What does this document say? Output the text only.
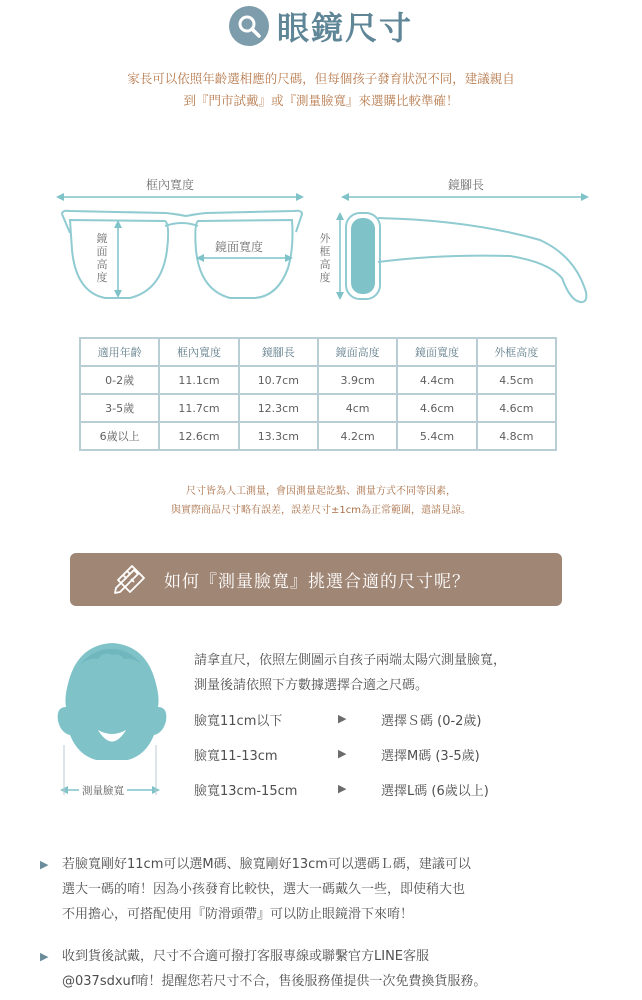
眼鏡尺寸
家長可以依照年齡選相應的尺碼，但每個孩子發育狀況不同，建議親自
到『門市試戴』或『測量臉寬』來選購比較準確！
框內寬度	鏡腳長
鏡面高度
鏡面寬度
外框高度
適用年齡	框內寬度	鏡腳長	鏡面高度	鏡面寬度	外框高度
0-2歲	11.1cm	10.7cm	3.9cm	4.4cm	4.5cm
3-5歲	11.7cm	12.3cm	4cm	4.6cm	4.6cm
6歲以上	12.6cm	13.3cm	4.2cm	5.4cm	4.8cm
尺寸皆為人工測量，會因測量起訖點、測量方式不同等因素，
與實際商品尺寸略有誤差，誤差尺寸±1cm為正常範圍，遣請見諒。
如何『測量臉寬』挑選合適的尺寸呢？
測量臉寬
請拿直尺，依照左側圖示自孩子兩端太陽穴測量臉寬，
測量後請依照下方數據選擇合適之尺碼。
臉寬11cm以下	▶	選擇Ｓ碼 (0-2歲)
臉寬11-13cm	▶	選擇M碼 (3-5歲)
臉寬13cm-15cm	▶	選擇L碼 (6歲以上)
▶ 若臉寬剛好11cm可以選M碼、臉寬剛好13cm可以選碼Ｌ碼，建議可以
選大一碼的唷！因為小孩發育比較快，選大一碼戴久一些，即使稍大也
不用擔心，可搭配使用『防滑頭帶』可以防止眼鏡滑下來唷！
▶ 收到貨後試戴，尺寸不合適可撥打客服專線或聯繫官方LINE客服
@037sdxuf唷！提醒您若尺寸不合，售後服務僅提供一次免費換貨服務。
